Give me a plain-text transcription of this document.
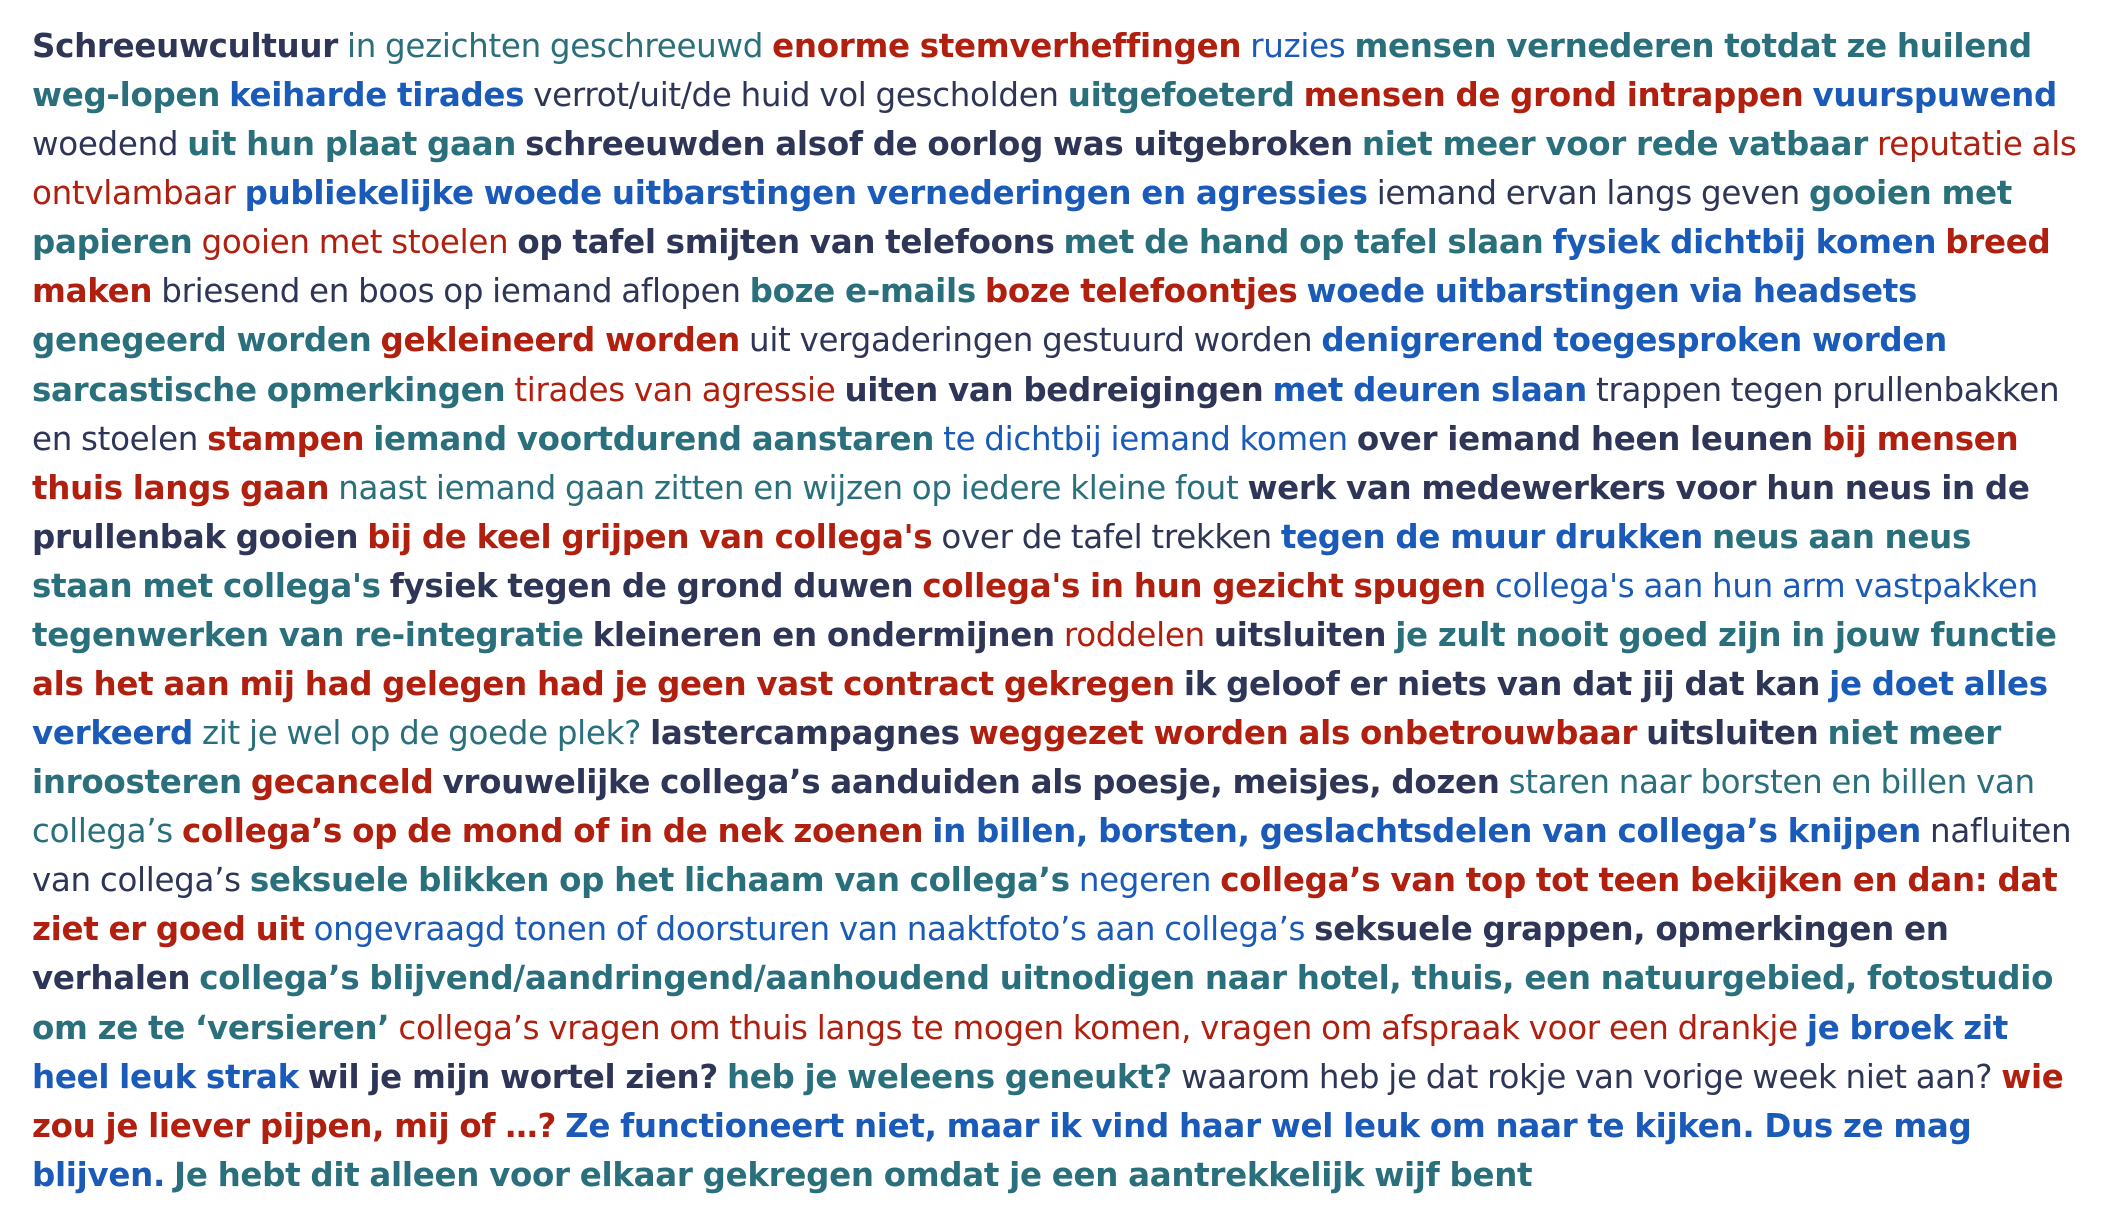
Schreeuwcultuur in gezichten geschreeuwd enorme stemverheffingen ruzies mensen vernederen totdat ze huilend weg-lopen keiharde tirades verrot/uit/de huid vol gescholden uitgefoeterd mensen de grond intrappen vuurspuwend woedend uit hun plaat gaan schreeuwden alsof de oorlog was uitgebroken niet meer voor rede vatbaar reputatie als ontvlambaar publiekelijke woede uitbarstingen vernederingen en agressies iemand ervan langs geven gooien met papieren gooien met stoelen op tafel smijten van telefoons met de hand op tafel slaan fysiek dichtbij komen breed maken briesend en boos op iemand aflopen boze e-mails boze telefoontjes woede uitbarstingen via headsets genegeerd worden gekleineerd worden uit vergaderingen gestuurd worden denigrerend toegesproken worden sarcastische opmerkingen tirades van agressie uiten van bedreigingen met deuren slaan trappen tegen prullenbakken en stoelen stampen iemand voortdurend aanstaren te dichtbij iemand komen over iemand heen leunen bij mensen thuis langs gaan naast iemand gaan zitten en wijzen op iedere kleine fout werk van medewerkers voor hun neus in de prullenbak gooien bij de keel grijpen van collega's over de tafel trekken tegen de muur drukken neus aan neus staan met collega's fysiek tegen de grond duwen collega's in hun gezicht spugen collega's aan hun arm vastpakken tegenwerken van re-integratie kleineren en ondermijnen roddelen uitsluiten je zult nooit goed zijn in jouw functie als het aan mij had gelegen had je geen vast contract gekregen ik geloof er niets van dat jij dat kan je doet alles verkeerd zit je wel op de goede plek? lastercampagnes weggezet worden als onbetrouwbaar uitsluiten niet meer inroosteren gecanceld vrouwelijke collega’s aanduiden als poesje, meisjes, dozen staren naar borsten en billen van collega’s collega’s op de mond of in de nek zoenen in billen, borsten, geslachtsdelen van collega’s knijpen nafluiten van collega’s seksuele blikken op het lichaam van collega’s negeren collega’s van top tot teen bekijken en dan: dat ziet er goed uit ongevraagd tonen of doorsturen van naaktfoto’s aan collega’s seksuele grappen, opmerkingen en verhalen collega’s blijvend/aandringend/aanhoudend uitnodigen naar hotel, thuis, een natuurgebied, fotostudio om ze te ‘versieren’ collega’s vragen om thuis langs te mogen komen, vragen om afspraak voor een drankje je broek zit heel leuk strak wil je mijn wortel zien? heb je weleens geneukt? waarom heb je dat rokje van vorige week niet aan? wie zou je liever pijpen, mij of …? Ze functioneert niet, maar ik vind haar wel leuk om naar te kijken. Dus ze mag blijven. Je hebt dit alleen voor elkaar gekregen omdat je een aantrekkelijk wijf bent
